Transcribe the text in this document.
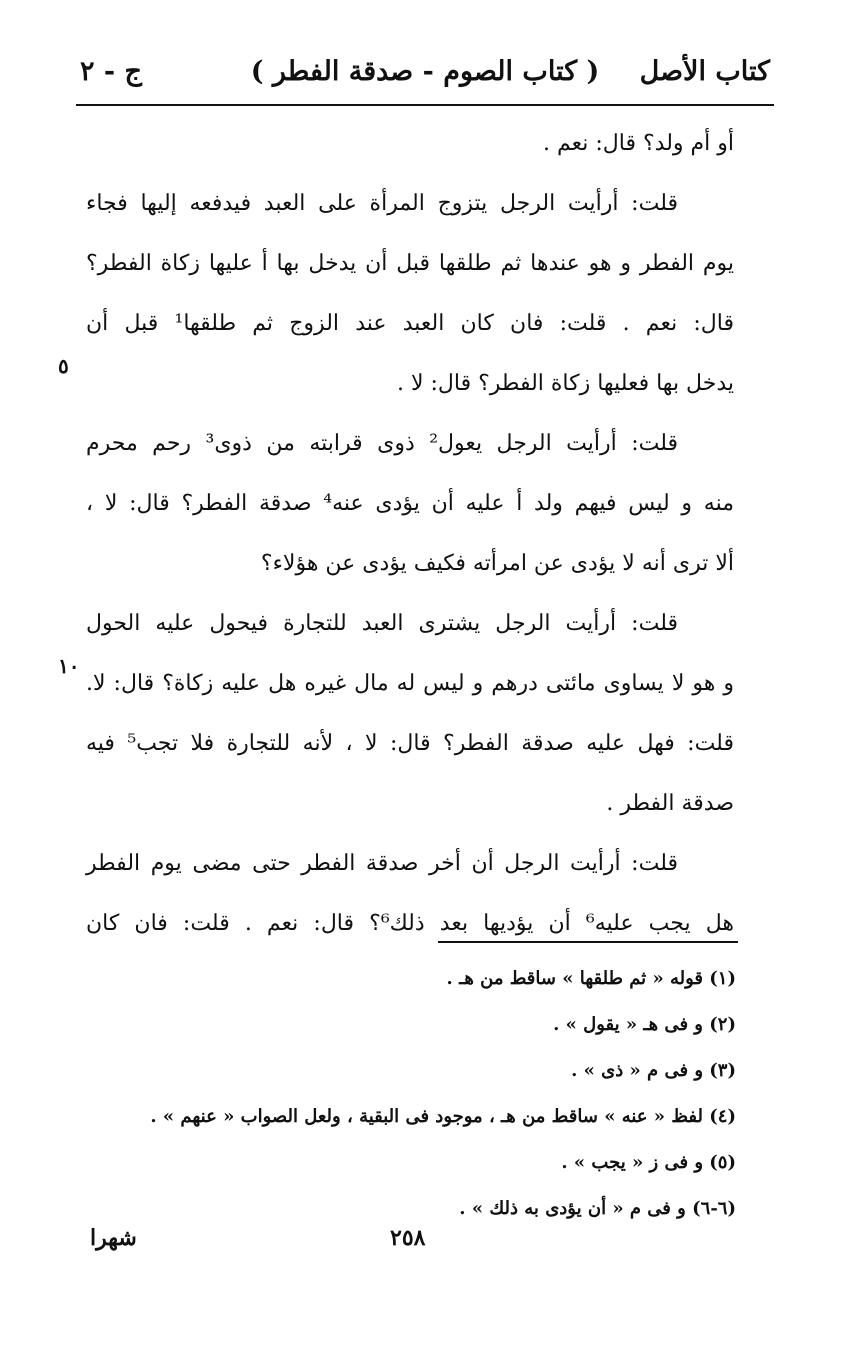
كتاب الأصل
( كتاب الصوم - صدقة الفطر )
ج - ٢
أو أم ولد؟ قال: نعم .
قلت: أرأيت الرجل يتزوج المرأة على العبد فيدفعه إليها فجاء
يوم الفطر و هو عندها ثم طلقها قبل أن يدخل بها أ عليها زكاة الفطر؟
قال: نعم . قلت: فان كان العبد عند الزوج ثم طلقها¹ قبل أن
٥
يدخل بها فعليها زكاة الفطر؟ قال: لا .
قلت: أرأيت الرجل يعول² ذوى قرابته من ذوى³ رحم محرم
منه و ليس فيهم ولد أ عليه أن يؤدى عنه⁴ صدقة الفطر؟ قال: لا ،
ألا ترى أنه لا يؤدى عن امرأته فكيف يؤدى عن هؤلاء؟
قلت: أرأيت الرجل يشترى العبد للتجارة فيحول عليه الحول
١٠
و هو لا يساوى مائتى درهم و ليس له مال غيره هل عليه زكاة؟ قال: لا.
قلت: فهل عليه صدقة الفطر؟ قال: لا ، لأنه للتجارة فلا تجب⁵ فيه
صدقة الفطر .
قلت: أرأيت الرجل أن أخر صدقة الفطر حتى مضى يوم الفطر
هل يجب عليه⁶ أن يؤديها بعد ذلك⁶؟ قال: نعم . قلت: فان كان
(١) قوله « ثم طلقها » ساقط من هـ .
(٢) و فى هـ « يقول » .
(٣) و فى م « ذى » .
(٤) لفظ « عنه » ساقط من هـ ، موجود فى البقية ، ولعل الصواب « عنهم » .
(٥) و فى ز « يجب » .
(٦-٦) و فى م « أن يؤدى به ذلك » .
٢٥٨
شهرا
